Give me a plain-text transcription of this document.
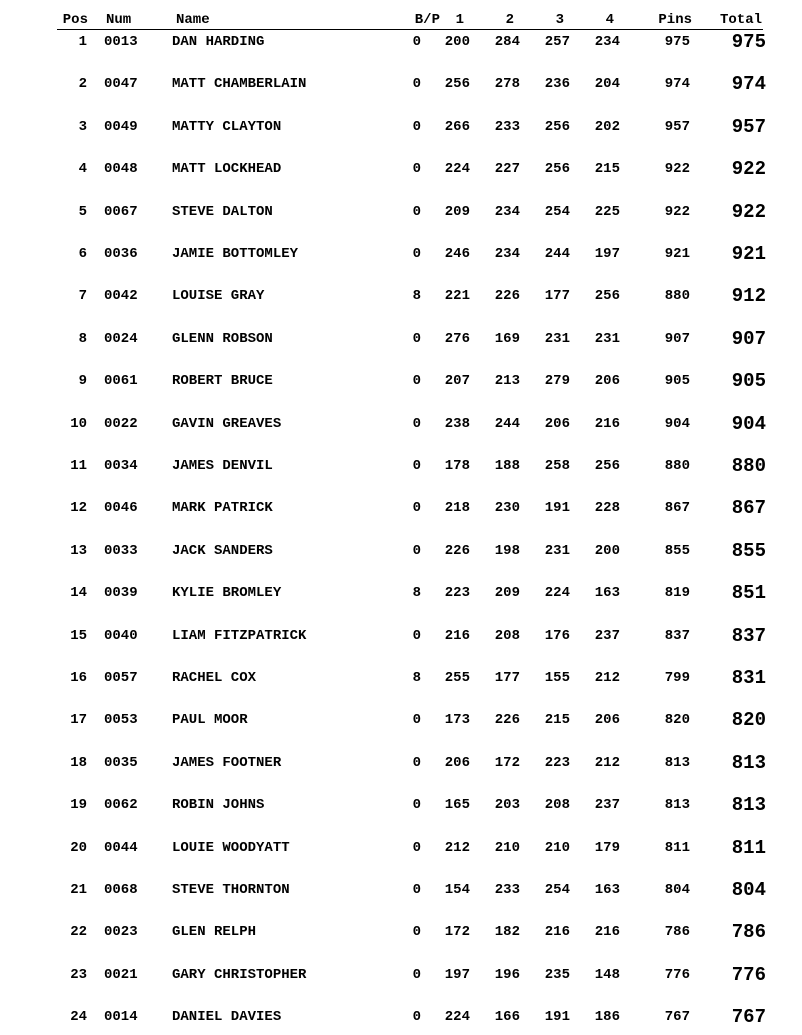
Pos Num	Name	B/P	1	2	3	4	Pins	Total
1 0013	DAN HARDING	0	200	284	257	234	975	975
2 0047	MATT CHAMBERLAIN	0	256	278	236	204	974	974
3 0049	MATTY CLAYTON	0	266	233	256	202	957	957
4 0048	MATT LOCKHEAD	0	224	227	256	215	922	922
5 0067	STEVE DALTON	0	209	234	254	225	922	922
6 0036	JAMIE BOTTOMLEY	0	246	234	244	197	921	921
7 0042	LOUISE GRAY	8	221	226	177	256	880	912
8 0024	GLENN ROBSON	0	276	169	231	231	907	907
9 0061	ROBERT BRUCE	0	207	213	279	206	905	905
10 0022	GAVIN GREAVES	0	238	244	206	216	904	904
11 0034	JAMES DENVIL	0	178	188	258	256	880	880
12 0046	MARK PATRICK	0	218	230	191	228	867	867
13 0033	JACK SANDERS	0	226	198	231	200	855	855
14 0039	KYLIE BROMLEY	8	223	209	224	163	819	851
15 0040	LIAM FITZPATRICK	0	216	208	176	237	837	837
16 0057	RACHEL COX	8	255	177	155	212	799	831
17 0053	PAUL MOOR	0	173	226	215	206	820	820
18 0035	JAMES FOOTNER	0	206	172	223	212	813	813
19 0062	ROBIN JOHNS	0	165	203	208	237	813	813
20 0044	LOUIE WOODYATT	0	212	210	210	179	811	811
21 0068	STEVE THORNTON	0	154	233	254	163	804	804
22 0023	GLEN RELPH	0	172	182	216	216	786	786
23 0021	GARY CHRISTOPHER	0	197	196	235	148	776	776
24 0014	DANIEL DAVIES	0	224	166	191	186	767	767
